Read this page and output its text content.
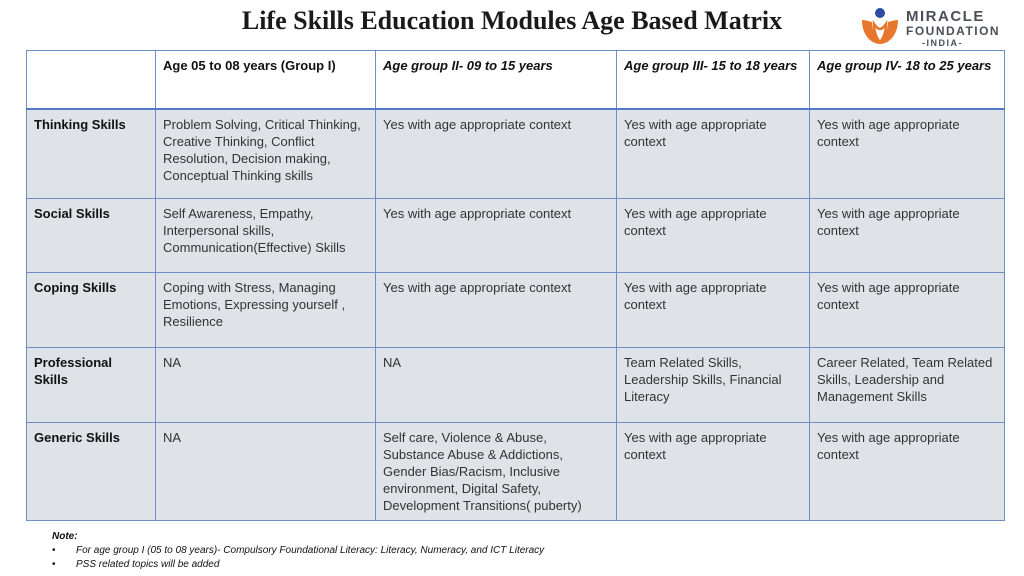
Life Skills Education Modules Age Based Matrix	MIRACLE
FOUNDATION
-INDIA-
	Age 05 to 08 years (Group I)	Age group II- 09 to 15 years	Age group III- 15 to 18 years	Age group IV- 18 to 25 years
Thinking Skills	Problem Solving, Critical Thinking, Creative Thinking, Conflict Resolution, Decision making, Conceptual Thinking skills	Yes with age appropriate context	Yes with age appropriate context	Yes with age appropriate context
Social Skills	Self Awareness, Empathy, Interpersonal skills, Communication(Effective) Skills	Yes with age appropriate context	Yes with age appropriate context	Yes with age appropriate context
Coping Skills	Coping with Stress, Managing Emotions, Expressing yourself , Resilience	Yes with age appropriate context	Yes with age appropriate context	Yes with age appropriate context
Professional Skills	NA	NA	Team Related Skills, Leadership Skills, Financial Literacy	Career Related, Team Related Skills, Leadership and Management Skills
Generic Skills	NA	Self care, Violence & Abuse, Substance Abuse & Addictions, Gender Bias/Racism, Inclusive environment, Digital Safety, Development Transitions( puberty)	Yes with age appropriate context	Yes with age appropriate context
Note:
• For age group I (05 to 08 years)- Compulsory Foundational Literacy: Literacy, Numeracy, and ICT Literacy
• PSS related topics will be added
